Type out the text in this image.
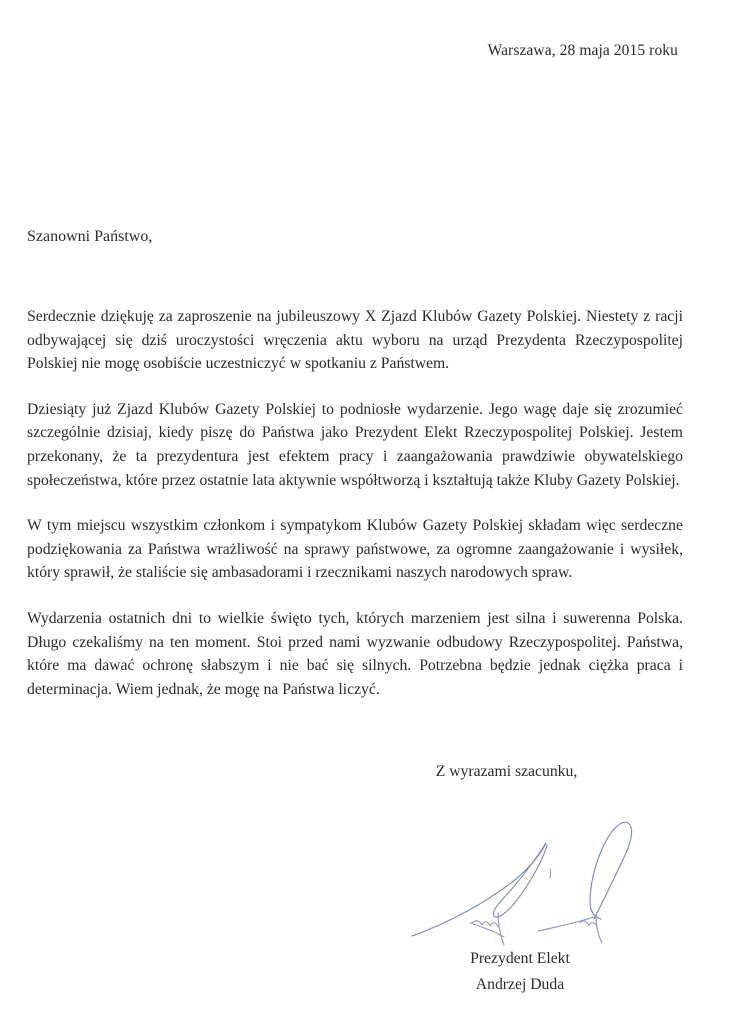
Warszawa, 28 maja 2015 roku
Szanowni Państwo,

Serdecznie dziękuję za zaproszenie na jubileuszowy X Zjazd Klubów Gazety Polskiej. Niestety z racji odbywającej się dziś uroczystości wręczenia aktu wyboru na urząd Prezydenta Rzeczypospolitej Polskiej nie mogę osobiście uczestniczyć w spotkaniu z Państwem.

Dziesiąty już Zjazd Klubów Gazety Polskiej to podniosłe wydarzenie. Jego wagę daje się zrozumieć szczególnie dzisiaj, kiedy piszę do Państwa jako Prezydent Elekt Rzeczypospolitej Polskiej. Jestem przekonany, że ta prezydentura jest efektem pracy i zaangażowania prawdziwie obywatelskiego społeczeństwa, które przez ostatnie lata aktywnie współtworzą i kształtują także Kluby Gazety Polskiej.

W tym miejscu wszystkim członkom i sympatykom Klubów Gazety Polskiej składam więc serdeczne podziękowania za Państwa wrażliwość na sprawy państwowe, za ogromne zaangażowanie i wysiłek, który sprawił, że staliście się ambasadorami i rzecznikami naszych narodowych spraw.

Wydarzenia ostatnich dni to wielkie święto tych, których marzeniem jest silna i suwerenna Polska. Długo czekaliśmy na ten moment. Stoi przed nami wyzwanie odbudowy Rzeczypospolitej. Państwa, które ma dawać ochronę słabszym i nie bać się silnych. Potrzebna będzie jednak ciężka praca i determinacja. Wiem jednak, że mogę na Państwa liczyć.

Z wyrazami szacunku,
Prezydent Elekt
Andrzej Duda
